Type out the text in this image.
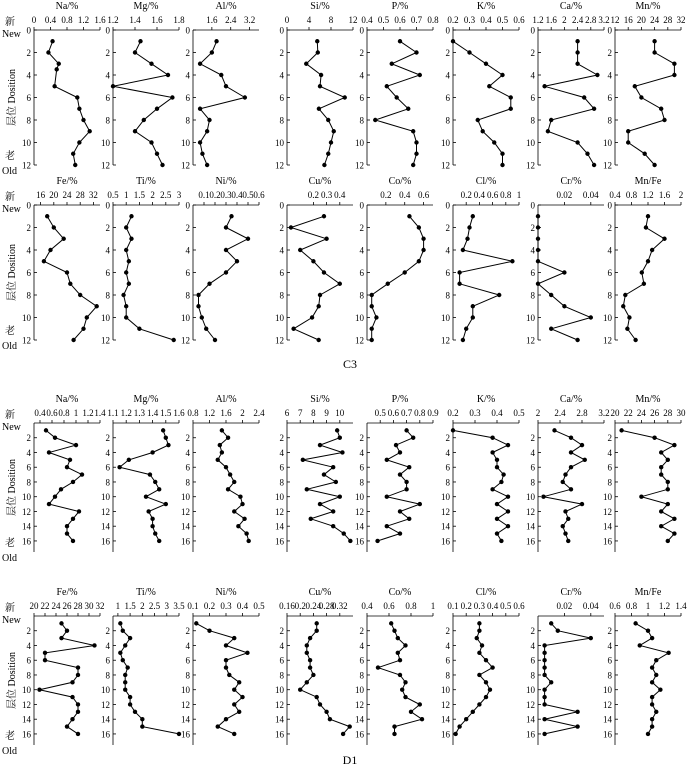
C3
D1
新
New
老
Old
层位 Dosition
Na/%
0 0.4 0.8 1.2 1.6
0
2
4
6
8
10
12
Mg/%
1.2 1.4 1.6 1.8
0
2
4
6
8
10
12
Al/%
1.6 2.4 3.2
0
2
4
6
8
10
12
Si/%
0 4 8 12
0
2
4
6
8
10
12
P/%
0.4 0.5 0.6 0.7 0.8
0
2
4
6
8
10
12
K/%
0.2 0.3 0.4 0.5 0.6
0
2
4
6
8
10
12
Ca/%
1.2 1.6 2 2.4 2.8 3.2
0
2
4
6
8
10
12
Mn/%
12 16 20 24 28 32
0
2
4
6
8
10
12
新
New
老
Old
层位 Dosition
Fe/%
16 20 24 28 32
0
2
4
6
8
10
12
Ti/%
0.5 1 1.5 2 2.5 3
0
2
4
6
8
10
12
Ni/%
0.1 0.2 0.3 0.4 0.5 0.6
0
2
4
6
8
10
12
Cu/%
0.2 0.3 0.4
0
2
4
6
8
10
12
Co/%
0.2 0.4 0.6
0
2
4
6
8
10
12
Cl/%
0.2 0.4 0.6 0.8 1
0
2
4
6
8
10
12
Cr/%
0.02 0.04
0
2
4
6
8
10
12
Mn/Fe
0.4 0.8 1.2 1.6 2
0
2
4
6
8
10
12
新
New
老
Old
层位 Dosition
Na/%
0.4 0.6 0.8 1 1.2 1.4
2
4
6
8
10
12
14
16
Mg/%
1.1 1.2 1.3 1.4 1.5 1.6
2
4
6
8
10
12
14
16
Al/%
0.8 1.2 1.6 2 2.4
2
4
6
8
10
12
14
16
Si/%
6 7 8 9 10
2
4
6
8
10
12
14
16
P/%
0.5 0.6 0.7 0.8 0.9
2
4
6
8
10
12
14
16
K/%
0.2 0.3 0.4 0.5
2
4
6
8
10
12
14
16
Ca/%
2 2.4 2.8 3.2
2
4
6
8
10
12
14
16
Mn/%
20 22 24 26 28 30
2
4
6
8
10
12
14
16
新
New
老
Old
层位 Dosition
Fe/%
20 22 24 26 28 30 32
2
4
6
8
10
12
14
16
Ti/%
1 1.5 2 2.5 3 3.5
2
4
6
8
10
12
14
16
Ni/%
0.1 0.2 0.3 0.4 0.5
2
4
6
8
10
12
14
16
Cu/%
0.16 0.2 0.24
0.28
0.32
2
4
6
8
10
12
14
16
Co/%
0.4 0.6 0.8 1
2
4
6
8
10
12
14
16
Cl/%
0.1 0.2 0.3 0.4 0.5 0.6
2
4
6
8
10
12
14
16
Cr/%
0.02 0.04
2
4
6
8
10
12
14
16
Mn/Fe
0.6 0.8 1 1.2 1.4
2
4
6
8
10
12
14
16
